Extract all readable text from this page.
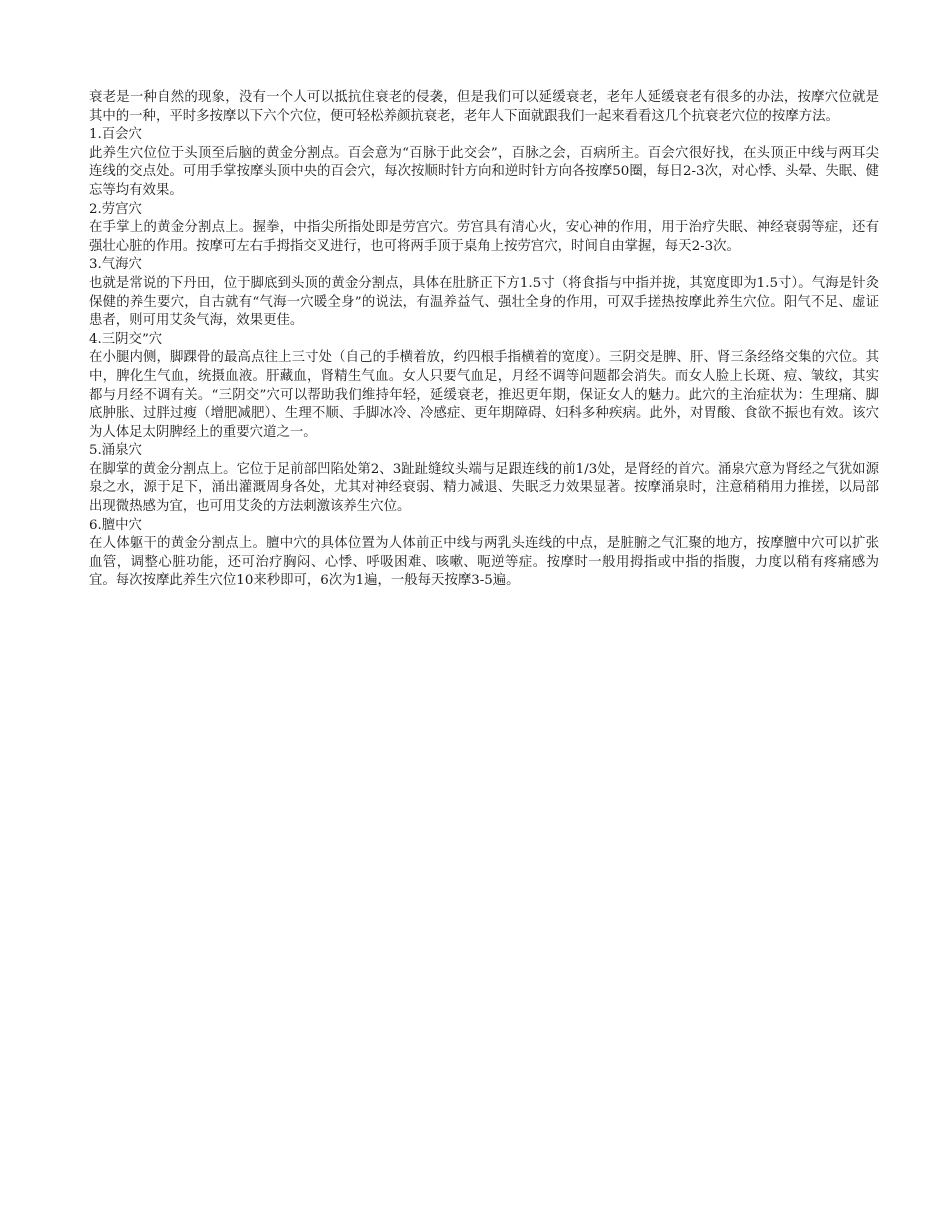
衰老是一种自然的现象，没有一个人可以抵抗住衰老的侵袭，但是我们可以延缓衰老，老年人延缓衰老有很多的办法，按摩穴位就是其中的一种，平时多按摩以下六个穴位，便可轻松养颜抗衰老，老年人下面就跟我们一起来看看这几个抗衰老穴位的按摩方法。

1.百会穴

此养生穴位位于头顶至后脑的黄金分割点。百会意为“百脉于此交会”，百脉之会，百病所主。百会穴很好找，在头顶正中线与两耳尖连线的交点处。可用手掌按摩头顶中央的百会穴，每次按顺时针方向和逆时针方向各按摩50圈，每日2-3次，对心悸、头晕、失眠、健忘等均有效果。

2.劳宫穴

在手掌上的黄金分割点上。握拳，中指尖所指处即是劳宫穴。劳宫具有清心火，安心神的作用，用于治疗失眠、神经衰弱等症，还有强壮心脏的作用。按摩可左右手拇指交叉进行，也可将两手顶于桌角上按劳宫穴，时间自由掌握，每天2-3次。

3.气海穴

也就是常说的下丹田，位于脚底到头顶的黄金分割点，具体在肚脐正下方1.5寸（将食指与中指并拢，其宽度即为1.5寸）。气海是针灸保健的养生要穴，自古就有“气海一穴暖全身”的说法，有温养益气、强壮全身的作用，可双手搓热按摩此养生穴位。阳气不足、虚证患者，则可用艾灸气海，效果更佳。

4.三阴交”穴

在小腿内侧，脚踝骨的最高点往上三寸处（自己的手横着放，约四根手指横着的宽度）。三阴交是脾、肝、肾三条经络交集的穴位。其中，脾化生气血，统摄血液。肝藏血，肾精生气血。女人只要气血足，月经不调等问题都会消失。而女人脸上长斑、痘、皱纹，其实都与月经不调有关。“三阴交”穴可以帮助我们维持年轻，延缓衰老，推迟更年期，保证女人的魅力。此穴的主治症状为：生理痛、脚底肿胀、过胖过瘦（增肥减肥）、生理不顺、手脚冰冷、冷感症、更年期障碍、妇科多种疾病。此外，对胃酸、食欲不振也有效。该穴为人体足太阴脾经上的重要穴道之一。

5.涌泉穴

在脚掌的黄金分割点上。它位于足前部凹陷处第2、3趾趾缝纹头端与足跟连线的前1/3处，是肾经的首穴。涌泉穴意为肾经之气犹如源泉之水，源于足下，涌出灌溉周身各处，尤其对神经衰弱、精力减退、失眠乏力效果显著。按摩涌泉时，注意稍稍用力推搓，以局部出现微热感为宜，也可用艾灸的方法刺激该养生穴位。

6.膻中穴

在人体躯干的黄金分割点上。膻中穴的具体位置为人体前正中线与两乳头连线的中点，是脏腑之气汇聚的地方，按摩膻中穴可以扩张血管，调整心脏功能，还可治疗胸闷、心悸、呼吸困难、咳嗽、呃逆等症。按摩时一般用拇指或中指的指腹，力度以稍有疼痛感为宜。每次按摩此养生穴位10来秒即可，6次为1遍，一般每天按摩3-5遍。
